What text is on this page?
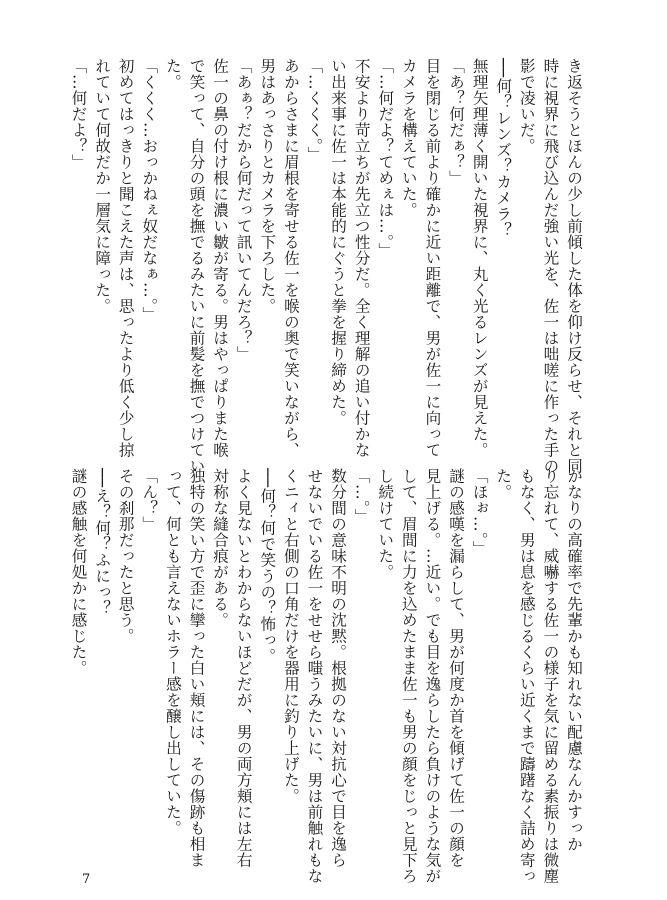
き返そうとほんの少し前傾した体を仰け反らせ、それと同
時に視界に飛び込んだ強い光を、佐一は咄嗟に作った手の
影で凌いだ。
──何？レンズ？カメラ？
無理矢理薄く開いた視界に、丸く光るレンズが見えた。
「あ？何だぁ？」
目を閉じる前より確かに近い距離で、男が佐一に向って
カメラを構えていた。
「…何だよ？てめぇは…。」
不安より苛立ちが先立つ性分だ。全く理解の追い付かな
い出来事に佐一は本能的にぐうと拳を握り締めた。
「…くくく。」
あからさまに眉根を寄せる佐一を喉の奥で笑いながら、
男はあっさりとカメラを下ろした。
「あぁ？だから何だって訊いてんだろ？」
佐一の鼻の付け根に濃い皺が寄る。男はやっぱりまた喉
で笑って、自分の頭を撫でるみたいに前髪を撫でつけてい
た。
「くくく…おっかねぇ奴だなぁ…。」
初めてはっきりと聞こえた声は、思ったより低く少し掠
れていて何故だか一層気に障った。
「…何だよ？」
かなりの高確率で先輩かも知れない配慮なんかすっか
り忘れて、威嚇する佐一の様子を気に留める素振りは微塵
もなく、男は息を感じるくらい近くまで躊躇なく詰め寄っ
た。
「ほぉ…。」
謎の感嘆を漏らして、男が何度か首を傾げて佐一の顔を
見上げる。…近い。でも目を逸らしたら負けのような気が
して、眉間に力を込めたまま佐一も男の顔をじっと見下ろ
し続けていた。
「…。」
数分間の意味不明の沈黙。根拠のない対抗心で目を逸ら
せないでいる佐一をせせら嗤うみたいに、男は前触れもな
くニィと右側の口角だけを器用に釣り上げた。
──何？何で笑うの？怖っ。
よく見ないとわからないほどだが、男の両方頬には左右
対称な縫合痕がある。
独特の笑い方で歪に攣った白い頬には、その傷跡も相ま
って、何とも言えないホラー感を醸し出していた。
「ん？」
その刹那だったと思う。
──え？何？ふにっ？
謎の感触を何処かに感じた。
7
